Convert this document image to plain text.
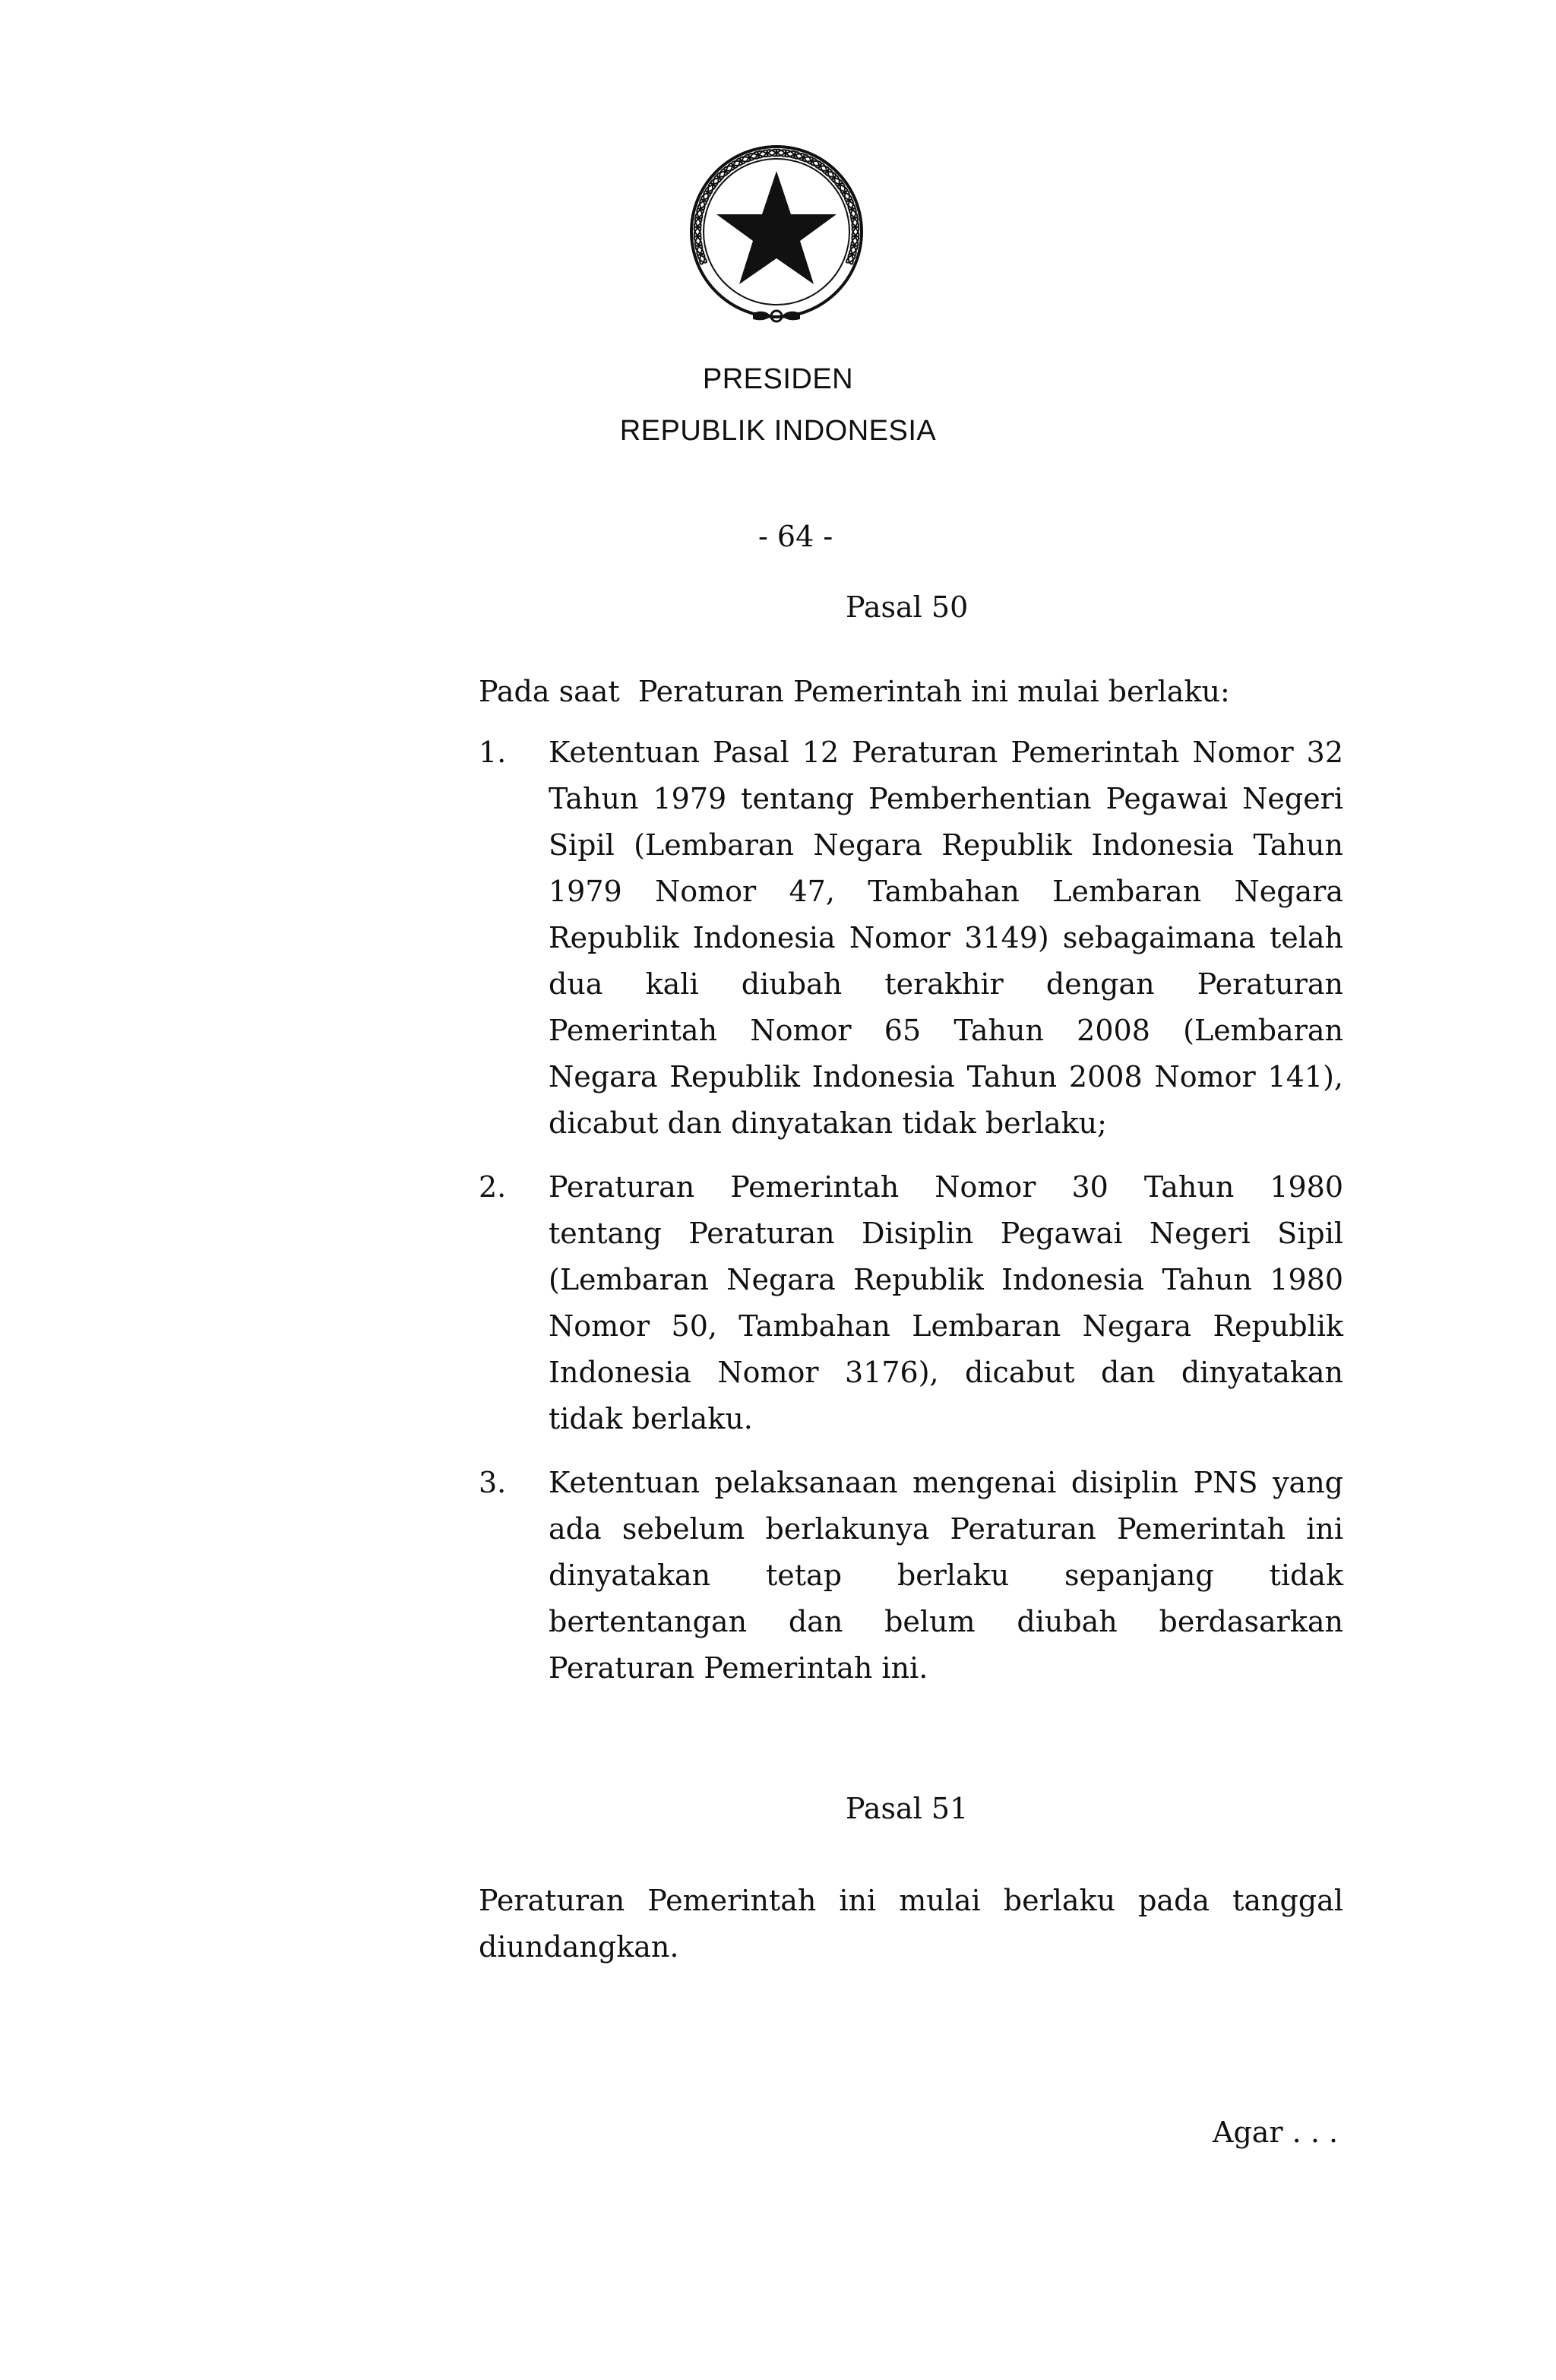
PRESIDEN
REPUBLIK INDONESIA
- 64 -
Pasal 50
Pada saat  Peraturan Pemerintah ini mulai berlaku:
1. Ketentuan Pasal 12 Peraturan Pemerintah Nomor 32
Tahun 1979 tentang Pemberhentian Pegawai Negeri
Sipil (Lembaran Negara Republik Indonesia Tahun
1979 Nomor 47, Tambahan Lembaran Negara
Republik Indonesia Nomor 3149) sebagaimana telah
dua kali diubah terakhir dengan Peraturan
Pemerintah Nomor 65 Tahun 2008 (Lembaran
Negara Republik Indonesia Tahun 2008 Nomor 141),
dicabut dan dinyatakan tidak berlaku;
2. Peraturan Pemerintah Nomor 30 Tahun 1980
tentang Peraturan Disiplin Pegawai Negeri Sipil
(Lembaran Negara Republik Indonesia Tahun 1980
Nomor 50, Tambahan Lembaran Negara Republik
Indonesia Nomor 3176), dicabut dan dinyatakan
tidak berlaku.
3. Ketentuan pelaksanaan mengenai disiplin PNS yang
ada sebelum berlakunya Peraturan Pemerintah ini
dinyatakan tetap berlaku sepanjang tidak
bertentangan dan belum diubah berdasarkan
Peraturan Pemerintah ini.
Pasal 51
Peraturan Pemerintah ini mulai berlaku pada tanggal
diundangkan.
Agar . . .
